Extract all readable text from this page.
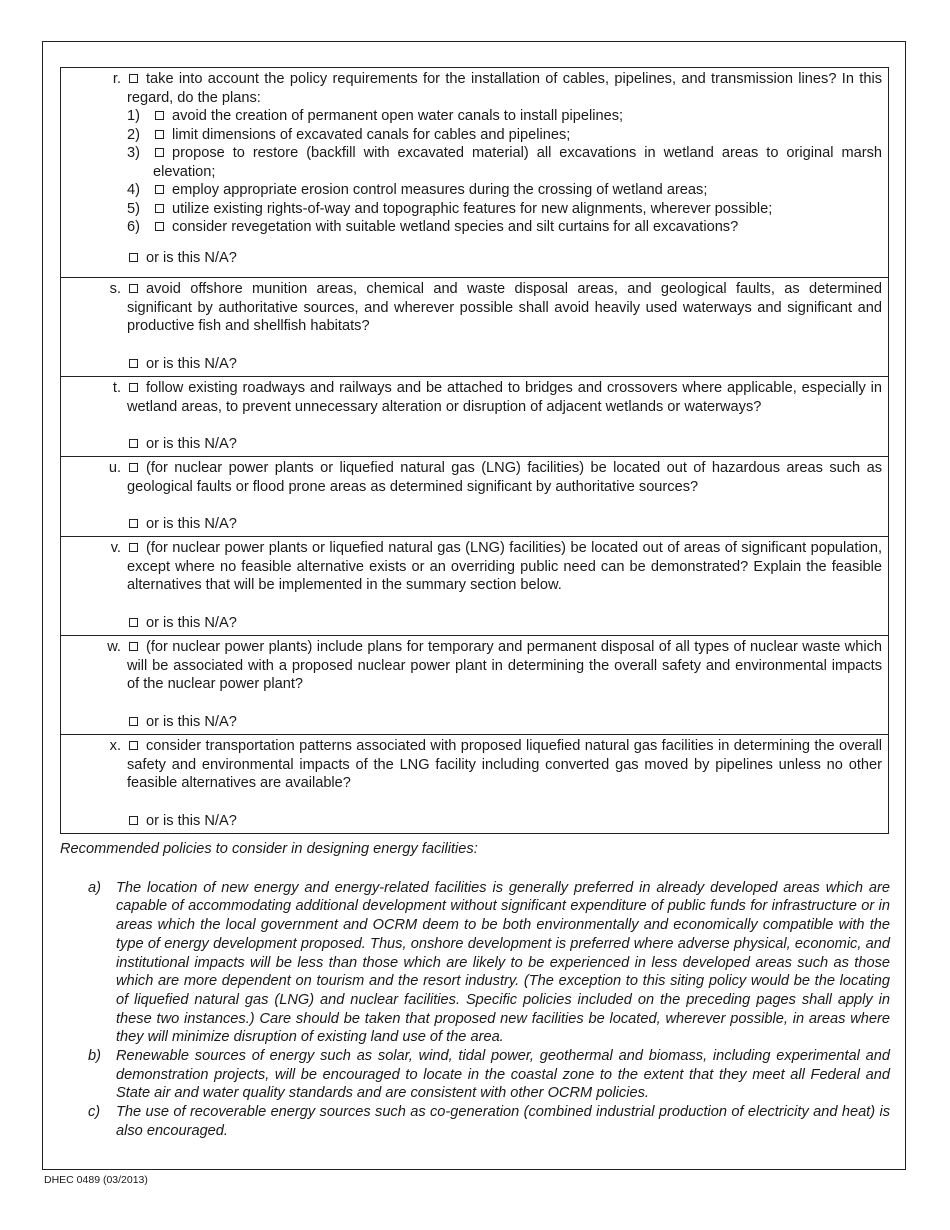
r.	take into account the policy requirements for the installation of cables, pipelines, and transmission lines? In this regard, do the plans:
1)	avoid the creation of permanent open water canals to install pipelines;
2)	limit dimensions of excavated canals for cables and pipelines;
3)	propose to restore (backfill with excavated material) all excavations in wetland areas to original marsh elevation;
4)	employ appropriate erosion control measures during the crossing of wetland areas;
5)	utilize existing rights-of-way and topographic features for new alignments, wherever possible;
6)	consider revegetation with suitable wetland species and silt curtains for all excavations?
or is this N/A?
s.	avoid offshore munition areas, chemical and waste disposal areas, and geological faults, as determined significant by authoritative sources, and wherever possible shall avoid heavily used waterways and significant and productive fish and shellfish habitats?
or is this N/A?
t.	follow existing roadways and railways and be attached to bridges and crossovers where applicable, especially in wetland areas, to prevent unnecessary alteration or disruption of adjacent wetlands or waterways?
or is this N/A?
u.	(for nuclear power plants or liquefied natural gas (LNG) facilities) be located out of hazardous areas such as geological faults or flood prone areas as determined significant by authoritative sources?
or is this N/A?
v.	(for nuclear power plants or liquefied natural gas (LNG) facilities) be located out of areas of significant population, except where no feasible alternative exists or an overriding public need can be demonstrated? Explain the feasible alternatives that will be implemented in the summary section below.
or is this N/A?
w.	(for nuclear power plants) include plans for temporary and permanent disposal of all types of nuclear waste which will be associated with a proposed nuclear power plant in determining the overall safety and environmental impacts of the nuclear power plant?
or is this N/A?
x.	consider transportation patterns associated with proposed liquefied natural gas facilities in determining the overall safety and environmental impacts of the LNG facility including converted gas moved by pipelines unless no other feasible alternatives are available?
or is this N/A?
Recommended policies to consider in designing energy facilities:
a)	The location of new energy and energy-related facilities is generally preferred in already developed areas which are capable of accommodating additional development without significant expenditure of public funds for infrastructure or in areas which the local government and OCRM deem to be both environmentally and economically compatible with the type of energy development proposed. Thus, onshore development is preferred where adverse physical, economic, and institutional impacts will be less than those which are likely to be experienced in less developed areas such as those which are more dependent on tourism and the resort industry. (The exception to this siting policy would be the locating of liquefied natural gas (LNG) and nuclear facilities. Specific policies included on the preceding pages shall apply in these two instances.) Care should be taken that proposed new facilities be located, wherever possible, in areas where they will minimize disruption of existing land use of the area.
b)	Renewable sources of energy such as solar, wind, tidal power, geothermal and biomass, including experimental and demonstration projects, will be encouraged to locate in the coastal zone to the extent that they meet all Federal and State air and water quality standards and are consistent with other OCRM policies.
c)	The use of recoverable energy sources such as co-generation (combined industrial production of electricity and heat) is also encouraged.
DHEC 0489 (03/2013)
